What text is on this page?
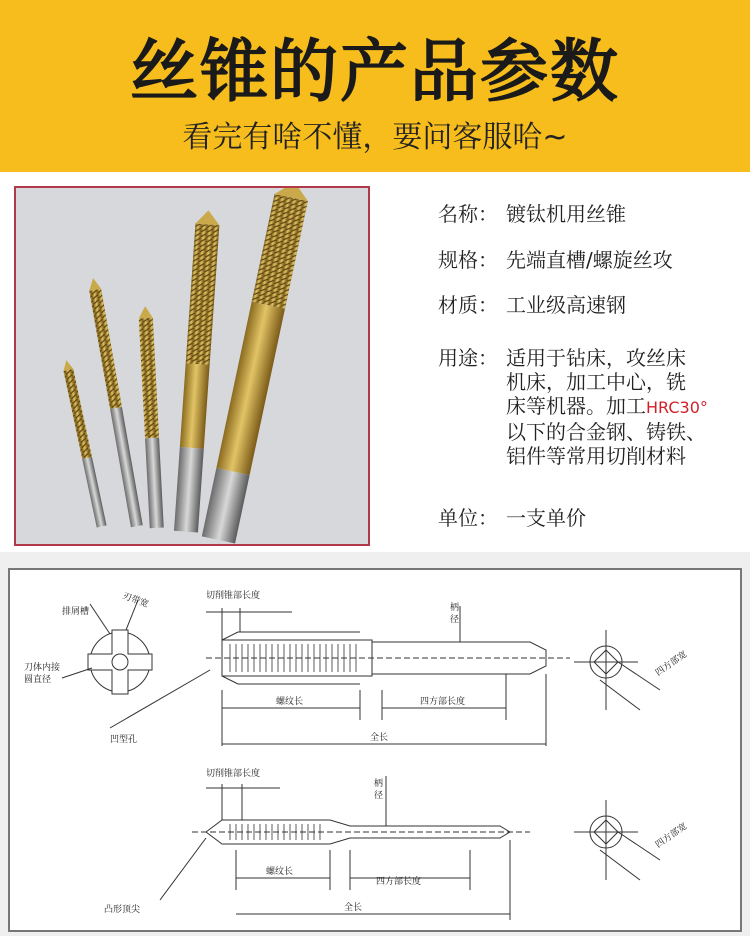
丝锥的产品参数
看完有啥不懂，要问客服哈~
名称： 镀钛机用丝锥
规格： 先端直槽/螺旋丝攻
材质： 工业级高速钢
用途： 适用于钻床，攻丝床
机床，加工中心，铣
床等机器。加工HRC30°
以下的合金钢、铸铁、
铝件等常用切削材料
单位： 一支单价
排屑槽
刃带宽
刀体内接
圆直径
凹型孔
切削锥部长度
柄
径
螺纹长	四方部长度
全长
四方部宽
切削锥部长度
柄
径
螺纹长
四方部长度
全长
四方部宽
凸形顶尖
